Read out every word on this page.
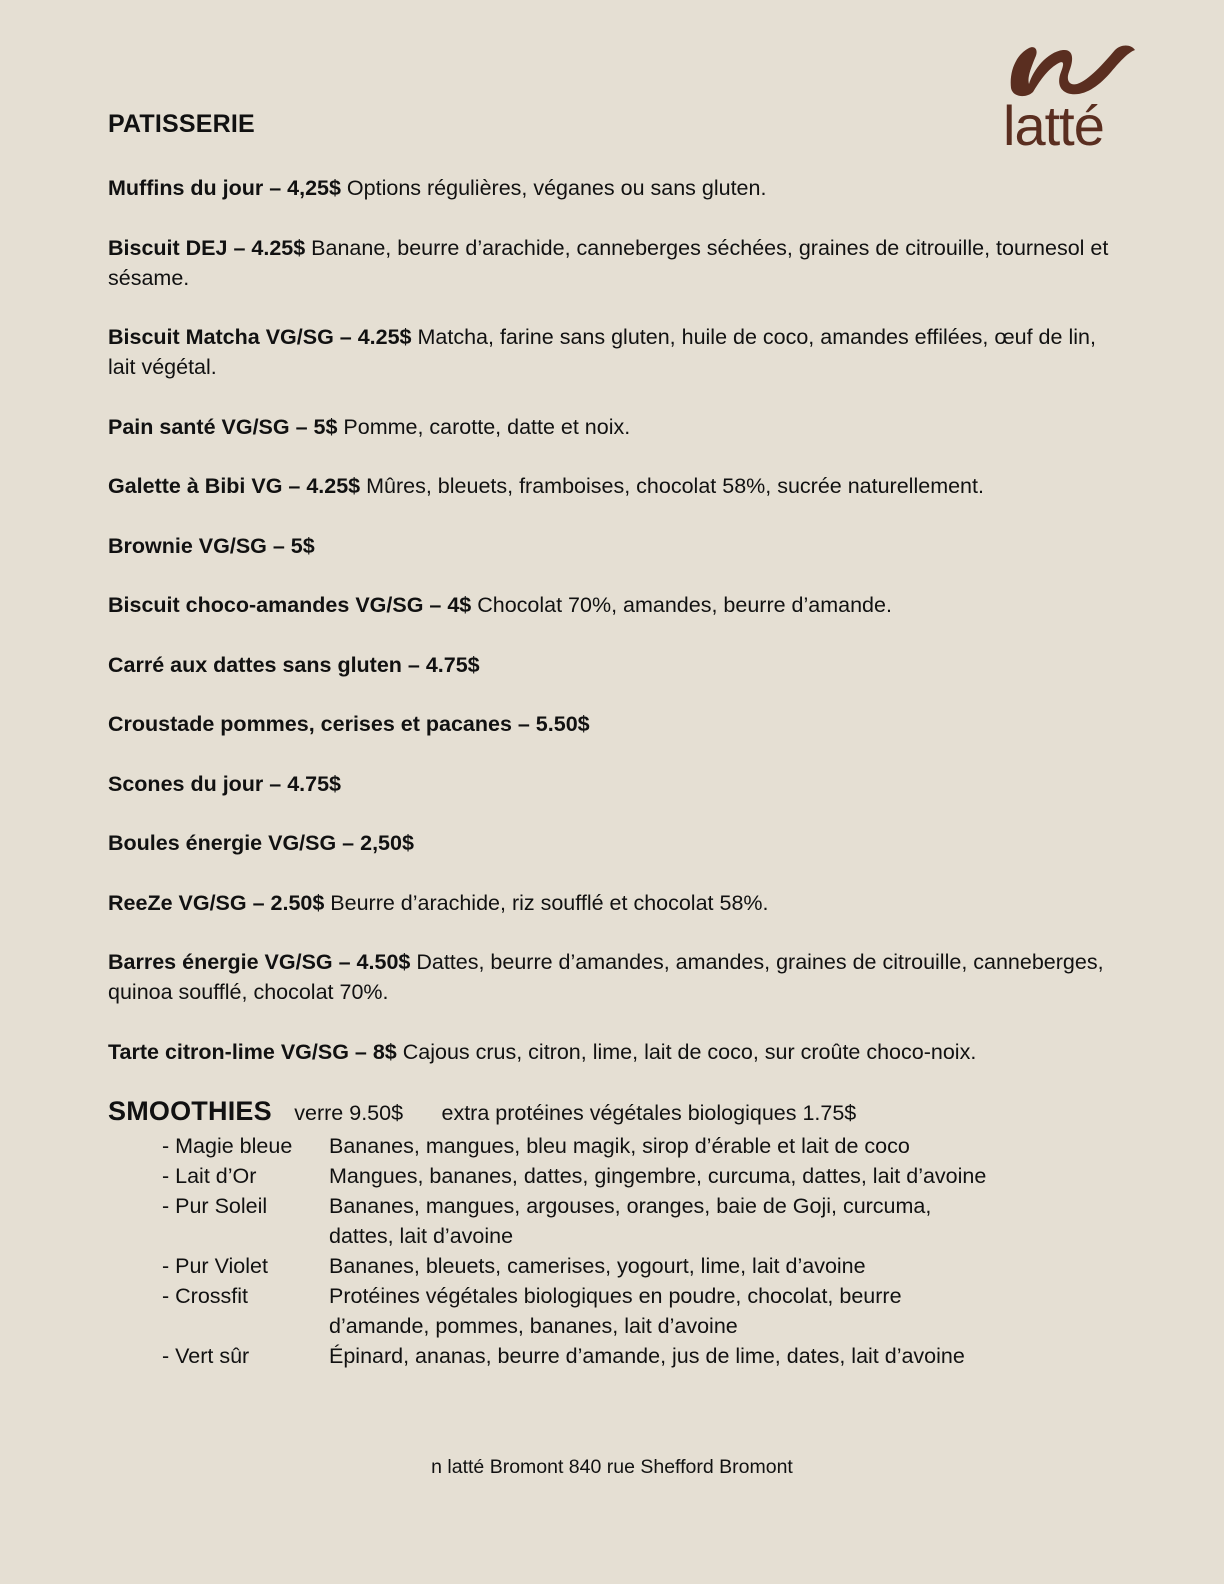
latté
PATISSERIE
Muffins du jour – 4,25$ Options régulières, véganes ou sans gluten.
Biscuit DEJ – 4.25$ Banane, beurre d’arachide, canneberges séchées, graines de citrouille, tournesol et sésame.
Biscuit Matcha VG/SG – 4.25$ Matcha, farine sans gluten, huile de coco, amandes effilées, œuf de lin, lait végétal.
Pain santé VG/SG – 5$ Pomme, carotte, datte et noix.
Galette à Bibi VG – 4.25$ Mûres, bleuets, framboises, chocolat 58%, sucrée naturellement.
Brownie VG/SG – 5$
Biscuit choco-amandes VG/SG – 4$ Chocolat 70%, amandes, beurre d’amande.
Carré aux dattes sans gluten – 4.75$
Croustade pommes, cerises et pacanes – 5.50$
Scones du jour – 4.75$
Boules énergie VG/SG – 2,50$
ReeZe VG/SG – 2.50$ Beurre d’arachide, riz soufflé et chocolat 58%.
Barres énergie VG/SG – 4.50$ Dattes, beurre d’amandes, amandes, graines de citrouille, canneberges, quinoa soufflé, chocolat 70%.
Tarte citron-lime VG/SG – 8$ Cajous crus, citron, lime, lait de coco, sur croûte choco-noix.
SMOOTHIES verre 9.50$ extra protéines végétales biologiques 1.75$
- Magie bleue	Bananes, mangues, bleu magik, sirop d’érable et lait de coco
- Lait d’Or	Mangues, bananes, dattes, gingembre, curcuma, dattes, lait d’avoine
- Pur Soleil	Bananes, mangues, argouses, oranges, baie de Goji, curcuma, dattes, lait d’avoine
- Pur Violet	Bananes, bleuets, camerises, yogourt, lime, lait d’avoine
- Crossfit	Protéines végétales biologiques en poudre, chocolat, beurre d’amande, pommes, bananes, lait d’avoine
- Vert sûr	Épinard, ananas, beurre d’amande, jus de lime, dates, lait d’avoine
n latté Bromont 840 rue Shefford Bromont
